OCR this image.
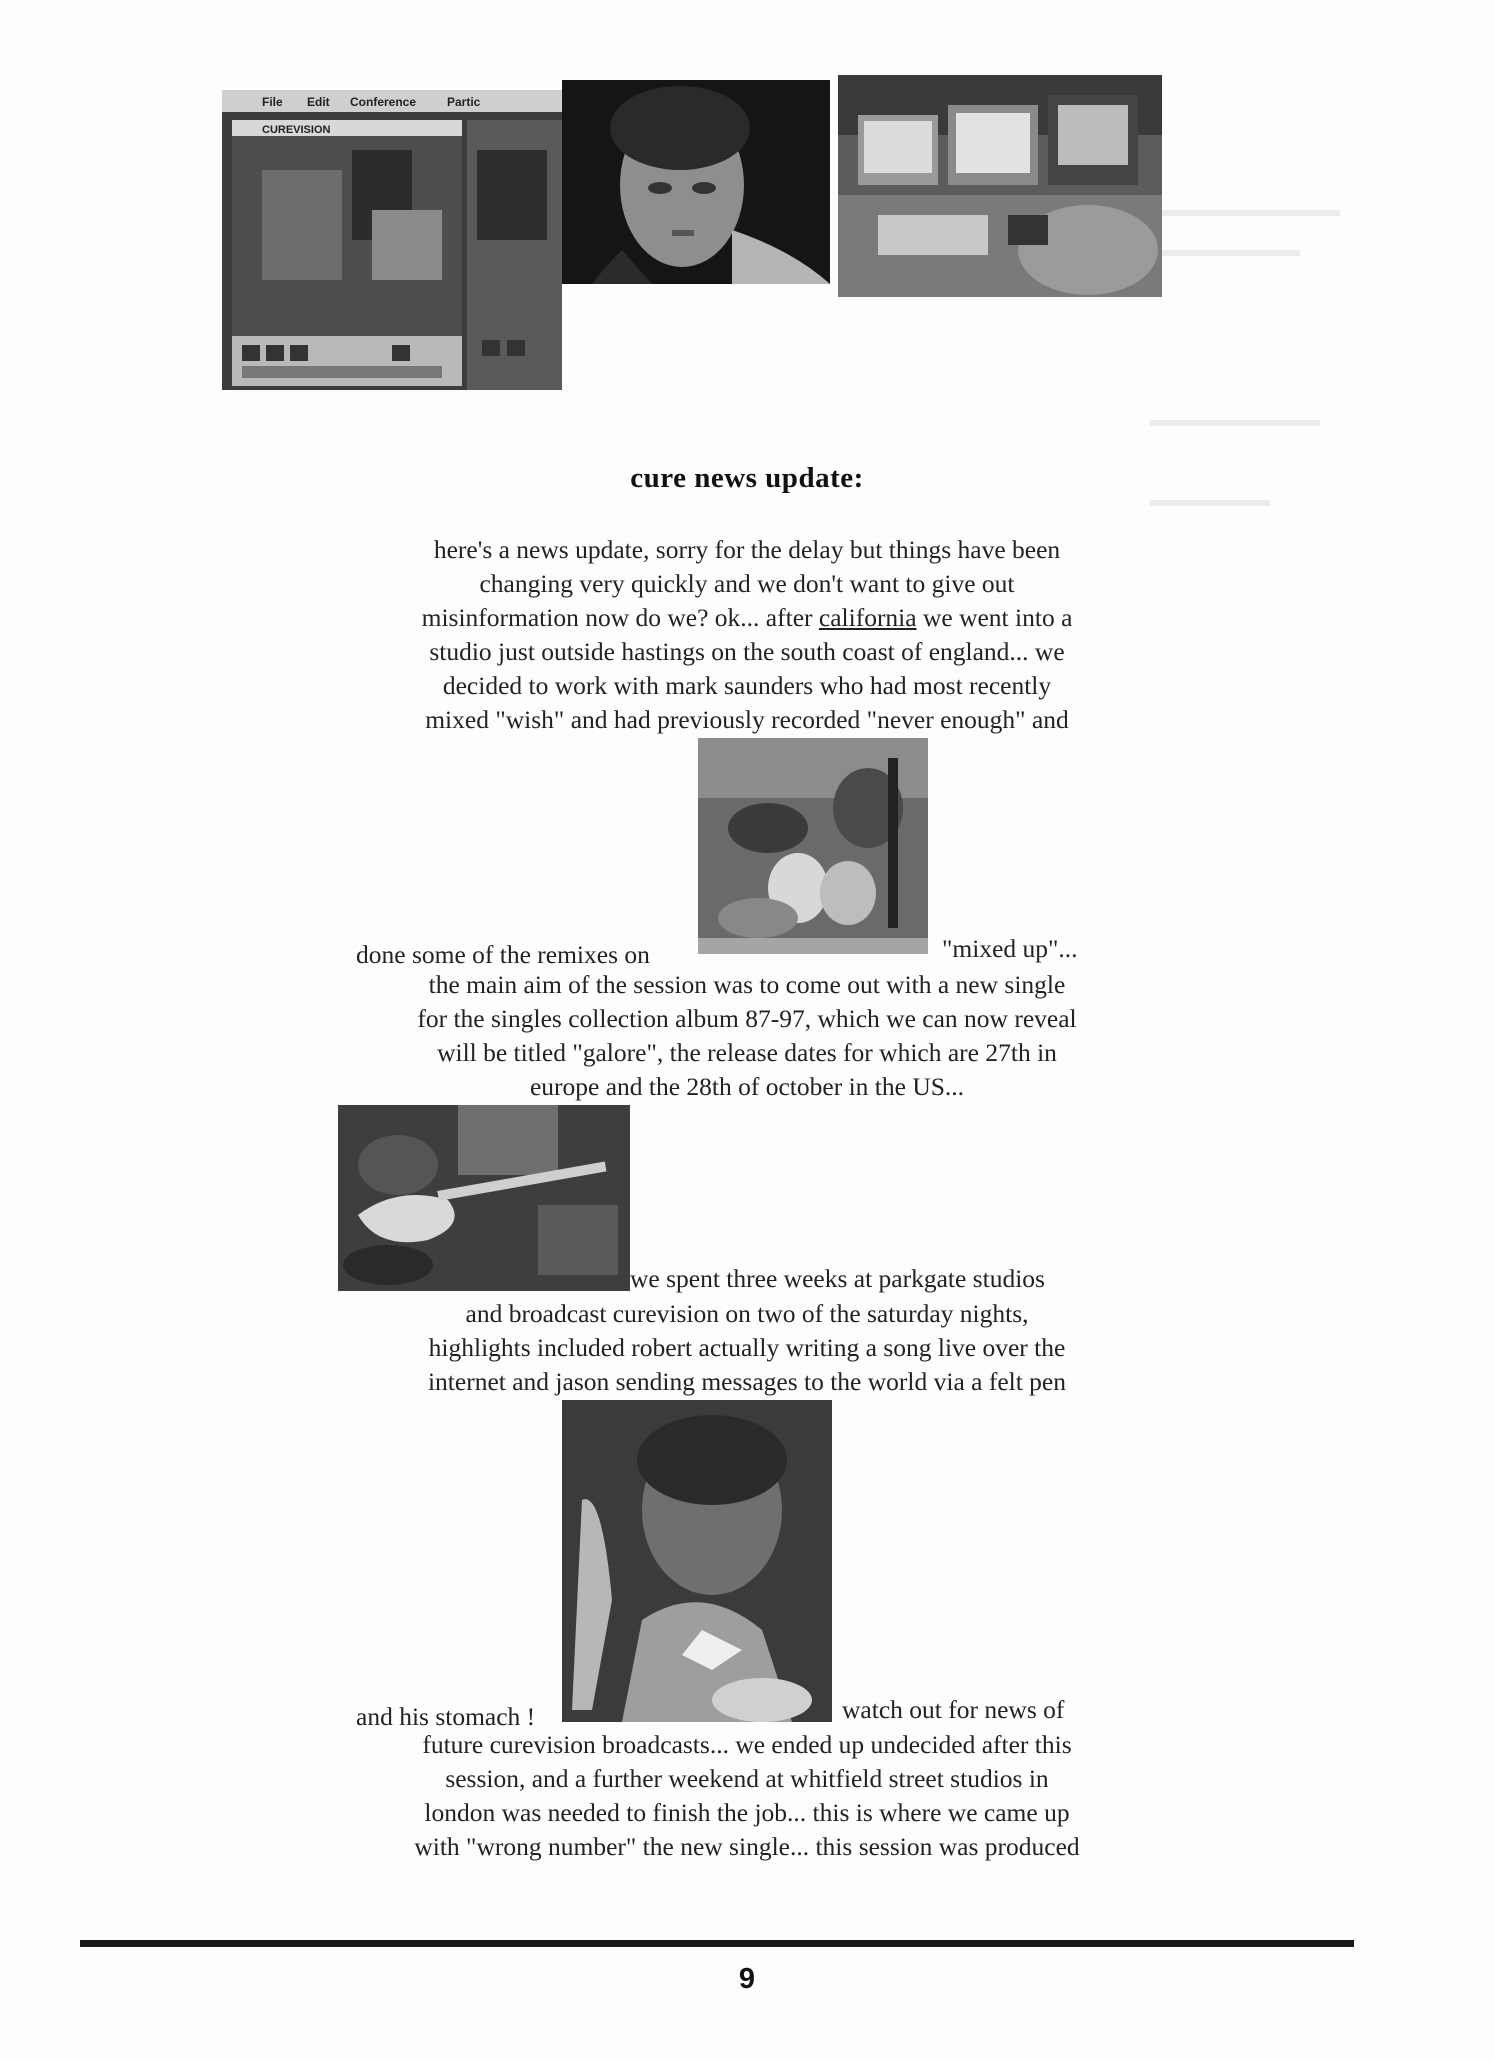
File Edit Conference	Partic
CUREVISION
cure news update:
here's a news update, sorry for the delay but things have been
changing very quickly and we don't want to give out
misinformation now do we? ok... after california we went into a
studio just outside hastings on the south coast of england... we
decided to work with mark saunders who had most recently
mixed "wish" and had previously recorded "never enough" and
done some of the remixes on	"mixed up"...
the main aim of the session was to come out with a new single
for the singles collection album 87-97, which we can now reveal
will be titled "galore", the release dates for which are 27th in
europe and the 28th of october in the US...
we spent three weeks at parkgate studios
and broadcast curevision on two of the saturday nights,
highlights included robert actually writing a song live over the
internet and jason sending messages to the world via a felt pen
and his stomach !	watch out for news of
future curevision broadcasts... we ended up undecided after this
session, and a further weekend at whitfield street studios in
london was needed to finish the job... this is where we came up
with "wrong number" the new single... this session was produced
9
